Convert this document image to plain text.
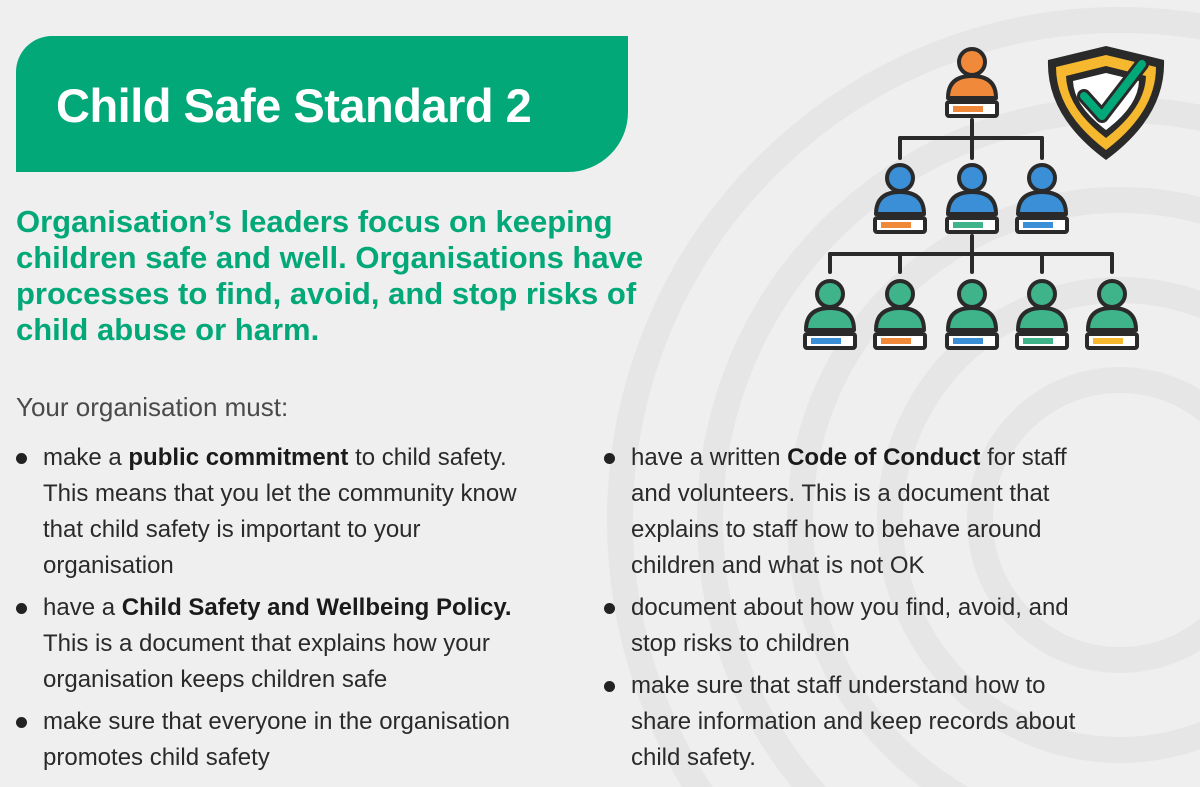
Child Safe Standard 2
Organisation’s leaders focus on keeping
children safe and well. Organisations have
processes to find, avoid, and stop risks of
child abuse or harm.
Your organisation must:
make a public commitment to child safety.
This means that you let the community know
that child safety is important to your
organisation
have a Child Safety and Wellbeing Policy.
This is a document that explains how your
organisation keeps children safe
make sure that everyone in the organisation
promotes child safety
have a written Code of Conduct for staff
and volunteers. This is a document that
explains to staff how to behave around
children and what is not OK
document about how you find, avoid, and
stop risks to children
make sure that staff understand how to
share information and keep records about
child safety.
